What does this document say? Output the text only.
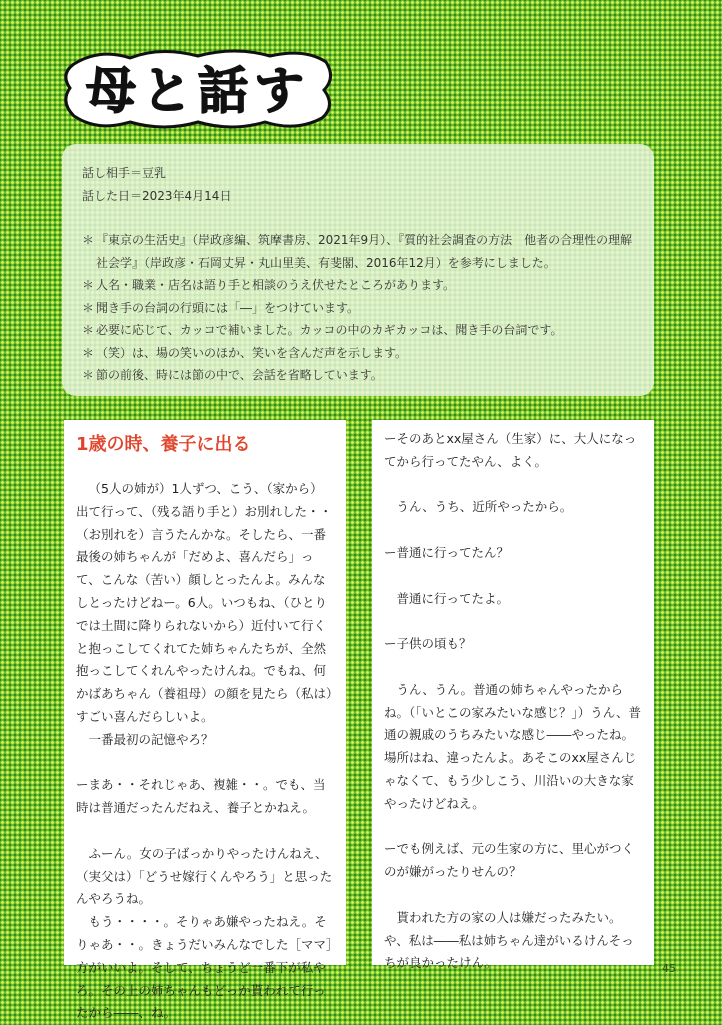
母と話す

話し相手＝豆乳

話した日＝2023年4月14日

＊ 『東京の生活史』（岸政彦編、筑摩書房、2021年9月）、『質的社会調査の方法　他者の合理性の理解社会学』（岸政彦・石岡丈昇・丸山里美、有斐閣、2016年12月）を参考にしました。

＊ 人名・職業・店名は語り手と相談のうえ伏せたところがあります。

＊ 聞き手の台詞の行頭には「―」をつけています。

＊ 必要に応じて、カッコで補いました。カッコの中のカギカッコは、聞き手の台詞です。

＊ （笑）は、場の笑いのほか、笑いを含んだ声を示します。

＊ 節の前後、時には節の中で、会話を省略しています。

1歳の時、養子に出る

（5人の姉が）1人ずつ、こう、（家から）出て行って、（残る語り手と）お別れした・・（お別れを）言うたんかな。そしたら、一番最後の姉ちゃんが「だめよ、喜んだら」って、こんな（苦い）顔しとったんよ。みんなしとったけどねー。6人。いつもね、（ひとりでは土間に降りられないから）近付いて行くと抱っこしてくれてた姉ちゃんたちが、全然抱っこしてくれんやったけんね。でもね、何かばあちゃん（養祖母）の顔を見たら（私は）すごい喜んだらしいよ。

一番最初の記憶やろ？

ーまあ・・それじゃあ、複雑・・。でも、当時は普通だったんだねえ、養子とかねえ。

ふーん。女の子ばっかりやったけんねえ、（実父は）「どうせ嫁行くんやろう」と思ったんやろうね。

もう・・・・。そりゃあ嫌やったねえ。そりゃあ・・。きょうだいみんなでした［ママ］方がいいよ。そして、ちょうど一番下が私やろ。その上の姉ちゃんもどっか貰われて行ったから――、ね。

ーそのあとxx屋さん（生家）に、大人になってから行ってたやん、よく。

うん、うち、近所やったから。

ー普通に行ってたん？

普通に行ってたよ。

ー子供の頃も？

うん、うん。普通の姉ちゃんやったからね。（「いとこの家みたいな感じ？」）うん、普通の親戚のうちみたいな感じ――やったね。場所はね、違ったんよ。あそこのxx屋さんじゃなくて、もう少しこう、川沿いの大きな家やったけどねえ。

ーでも例えば、元の生家の方に、里心がつくのが嫌がったりせんの？

貰われた方の家の人は嫌だったみたい。や、私は――私は姉ちゃん達がいるけんそっちが良かったけん。	45
